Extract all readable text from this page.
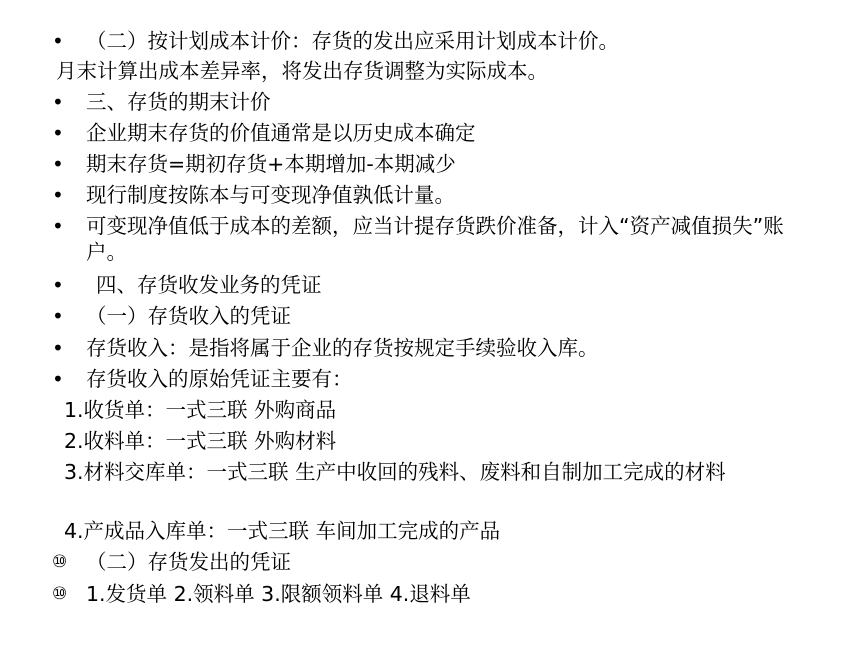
• （二）按计划成本计价：存货的发出应采用计划成本计价。
月末计算出成本差异率，将发出存货调整为实际成本。
• 三、存货的期末计价
• 企业期末存货的价值通常是以历史成本确定
• 期末存货=期初存货+本期增加-本期减少
• 现行制度按陈本与可变现净值孰低计量。
• 可变现净值低于成本的差额，应当计提存货跌价准备，计入“资产减值损失”账户。
• 四、存货收发业务的凭证
• （一）存货收入的凭证
• 存货收入：是指将属于企业的存货按规定手续验收入库。
• 存货收入的原始凭证主要有：
1.收货单：一式三联 外购商品
2.收料单：一式三联 外购材料
3.材料交库单：一式三联 生产中收回的残料、废料和自制加工完成的材料
4.产成品入库单：一式三联 车间加工完成的产品
⑩ （二）存货发出的凭证
⑩ 1.发货单 2.领料单 3.限额领料单 4.退料单
